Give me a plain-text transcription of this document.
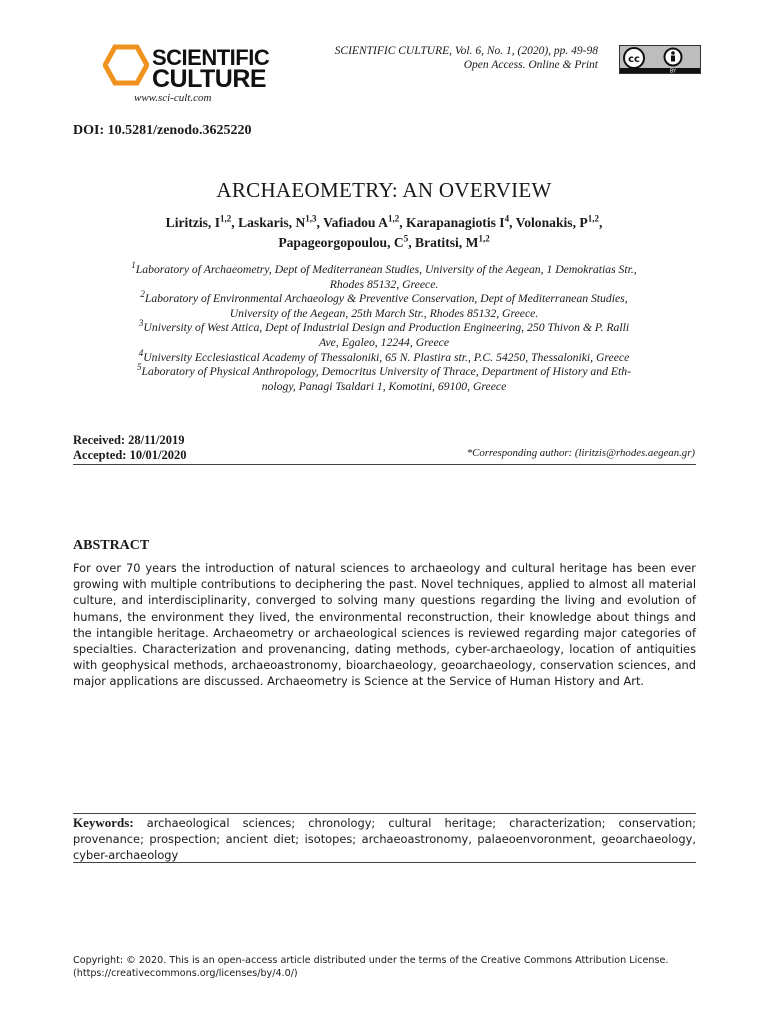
SCIENTIFIC
CULTURE
www.sci-cult.com
SCIENTIFIC CULTURE, Vol. 6, No. 1, (2020), pp. 49-98
Open Access. Online & Print	cc
BY
DOI: 10.5281/zenodo.3625220
ARCHAEOMETRY: AN OVERVIEW
Liritzis, I$^{1,2}$, Laskaris, N$^{1,3}$, Vafiadou A$^{1,2}$, Karapanagiotis $I^4$, Volonakis, P$^{1,2}$,
Papageorgopoulou, $C^5$, Bratitsi, M$^{1,2}$
$^1$Laboratory of Archaeometry, Dept of Mediterranean Studies, University of the Aegean, 1 Demokratias Str.,
Rhodes 85132, Greece.
$^2$Laboratory of Environmental Archaeology & Preventive Conservation, Dept of Mediterranean Studies,
University of the Aegean, 25th March Str., Rhodes 85132, Greece.
$^3$University of West Attica, Dept of Industrial Design and Production Engineering, 250 Thivon & P. Ralli
Ave, Egaleo, 12244, Greece
$^4$University Ecclesiastical Academy of Thessaloniki, 65 N. Plastira str., P.C. 54250, Thessaloniki, Greece
$^5$Laboratory of Physical Anthropology, Democritus University of Thrace, Department of History and Eth-
nology, Panagi Tsaldari 1, Komotini, 69100, Greece
Received: 28/11/2019
Accepted: 10/01/2020	*Corresponding author: (liritzis@rhodes.aegean.gr)
ABSTRACT
For over 70 years the introduction of natural sciences to archaeology and cultural heritage has been ever growing with multiple contributions to deciphering the past. Novel techniques, applied to almost all material culture, and interdisciplinarity, converged to solving many questions regarding the living and evolution of humans, the environment they lived, the environmental reconstruction, their knowledge about things and the intangible heritage. Archaeometry or archaeological sciences is reviewed regarding major categories of specialties. Characterization and provenancing, dating methods, cyber-archaeology, location of antiquities with geophysical methods, archaeoastronomy, bioarchaeology, geoarchaeology, conservation sciences, and major applications are discussed. Archaeometry is Science at the Service of Human History and Art.
Keywords: archaeological sciences; chronology; cultural heritage; characterization; conservation; provenance; prospection; ancient diet; isotopes; archaeoastronomy, palaeoenvoronment, geoarchaeology, cyber-archaeology
Copyright: © 2020. This is an open-access article distributed under the terms of the Creative Commons Attribution License.
(https://creativecommons.org/licenses/by/4.0/)
